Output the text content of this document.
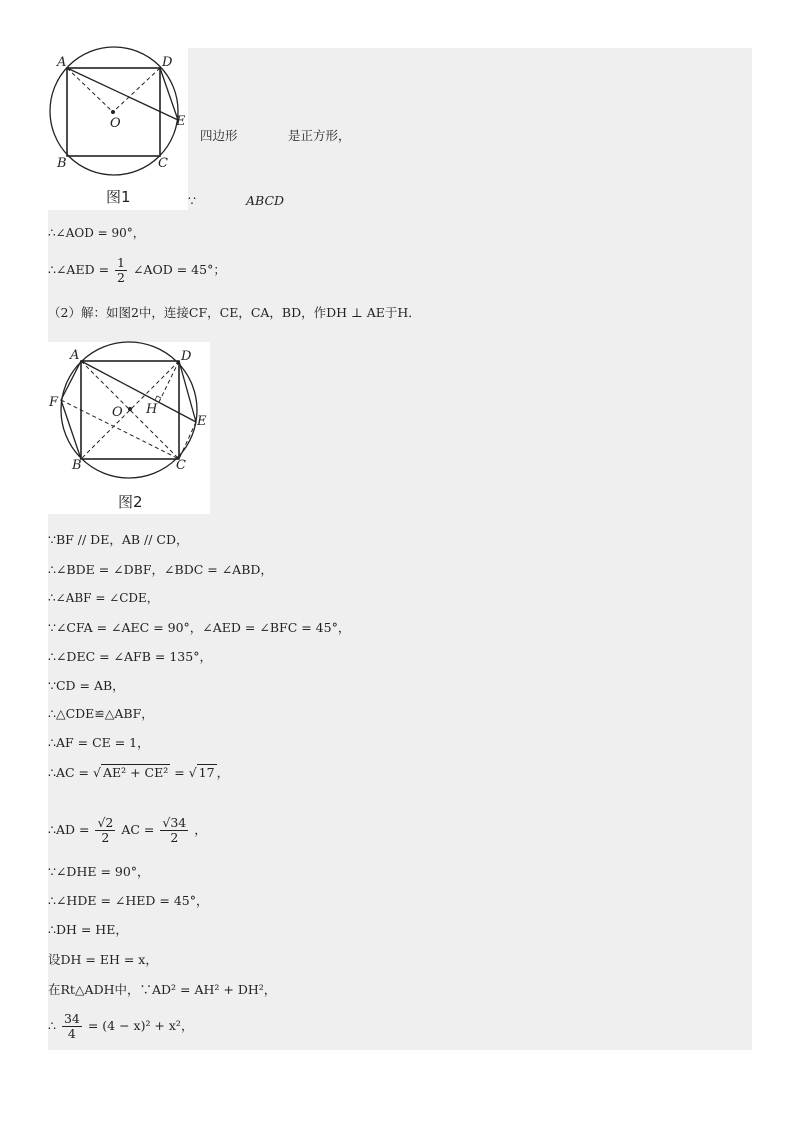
A	D
O	E
B	C
图1
四边形	是正方形，
∵	ABCD
∴∠AOD = 90°，
∴∠AED = $\frac{1}{2}$ ∠AOD = 45°；
（2）解：如图2中，连接CF，CE，CA，BD，作DH ⊥ AE于H．
A	D
F
O H
E
B	C
图2
∵BF // DE，AB // CD，
∴∠BDE = ∠DBF，∠BDC = ∠ABD，
∴∠ABF = ∠CDE，
∵∠CFA = ∠AEC = 90°，∠AED = ∠BFC = 45°，
∴∠DEC = ∠AFB = 135°，
∵CD = AB，
∴△CDE≌△ABF，
∴AF = CE = 1，
∴AC = √ AE² + CE² = √ 17 ，
∴AD = $\frac{√2}{2}$ AC = $\frac{√34}{2}$ ，
∵∠DHE = 90°，
∴∠HDE = ∠HED = 45°，
∴DH = HE，
设DH = EH = x，
在Rt△ADH中，∵AD² = AH² + DH²，
∴ $\frac{34}{4} = (4 - x)^2 + x^2$，
